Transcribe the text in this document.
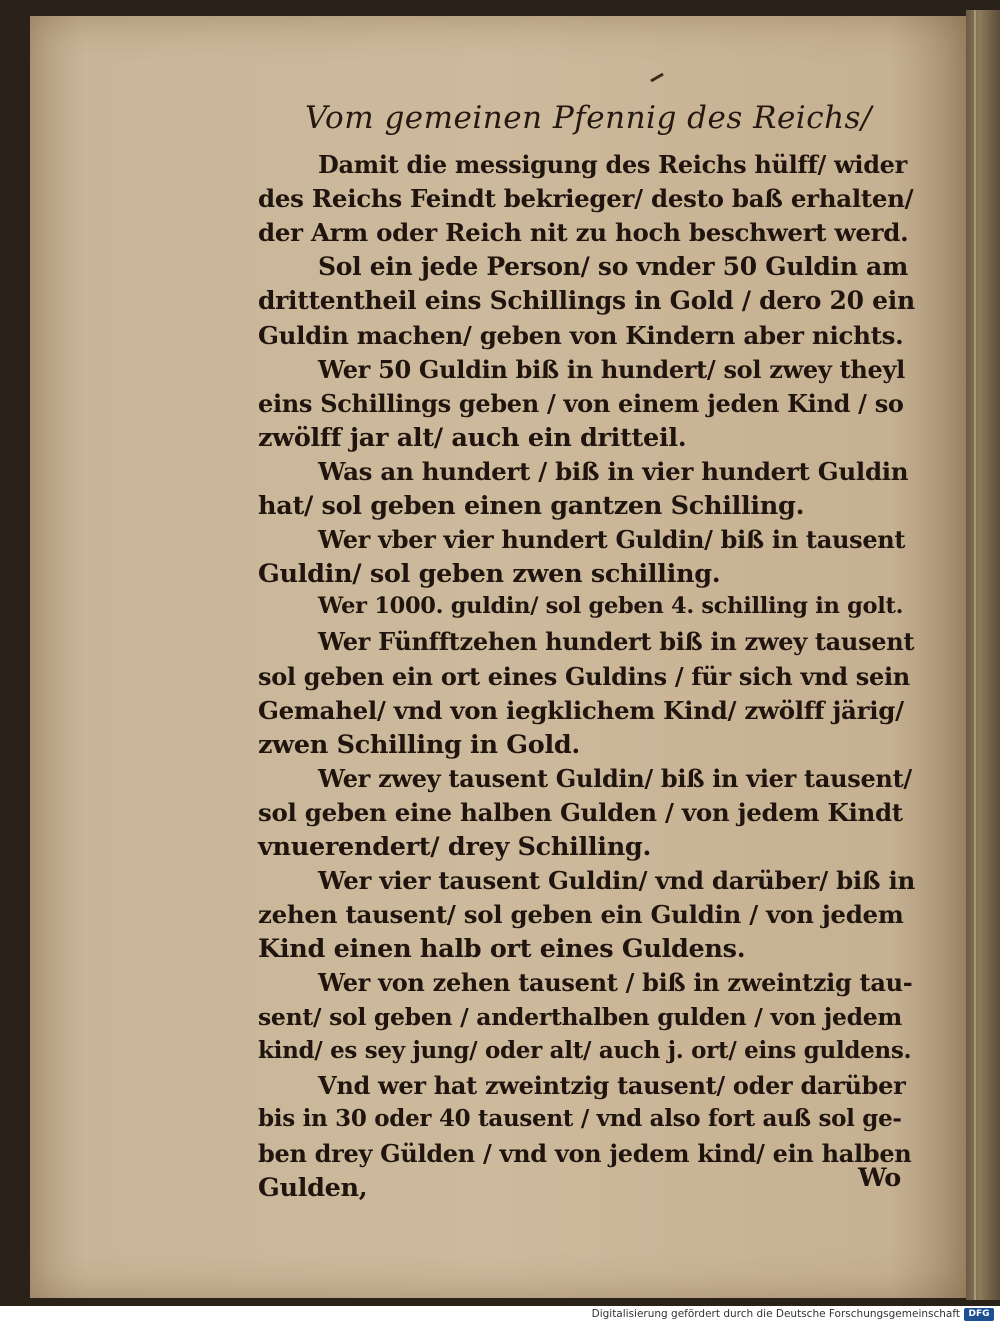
Vom gemeinen Pfennig des Reichs/
Damit die messigung des Reichs hülff/ wider
des Reichs Feindt bekrieger/ desto baß erhalten/
der Arm oder Reich nit zu hoch beschwert werd.
Sol ein jede Person/ so vnder 50 Guldin am
drittentheil eins Schillings in Gold / dero 20 ein
Guldin machen/ geben von Kindern aber nichts.
Wer 50 Guldin biß in hundert/ sol zwey theyl
eins Schillings geben / von einem jeden Kind / so
zwölff jar alt/ auch ein dritteil.
Was an hundert / biß in vier hundert Guldin
hat/ sol geben einen gantzen Schilling.
Wer vber vier hundert Guldin/ biß in tausent
Guldin/ sol geben zwen schilling.
Wer 1000. guldin/ sol geben 4. schilling in golt.
Wer Fünfftzehen hundert biß in zwey tausent
sol geben ein ort eines Guldins / für sich vnd sein
Gemahel/ vnd von iegklichem Kind/ zwölff järig/
zwen Schilling in Gold.
Wer zwey tausent Guldin/ biß in vier tausent/
sol geben eine halben Gulden / von jedem Kindt
vnuerendert/ drey Schilling.
Wer vier tausent Guldin/ vnd darüber/ biß in
zehen tausent/ sol geben ein Guldin / von jedem
Kind einen halb ort eines Guldens.
Wer von zehen tausent / biß in zweintzig tau-
sent/ sol geben / anderthalben gulden / von jedem
kind/ es sey jung/ oder alt/ auch j. ort/ eins guldens.
Vnd wer hat zweintzig tausent/ oder darüber
bis in 30 oder 40 tausent / vnd also fort auß sol ge-
ben drey Gülden / vnd von jedem kind/ ein halben
Gulden,	Wo
Digitalisierung gefördert durch die Deutsche Forschungsgemeinschaft DFG
